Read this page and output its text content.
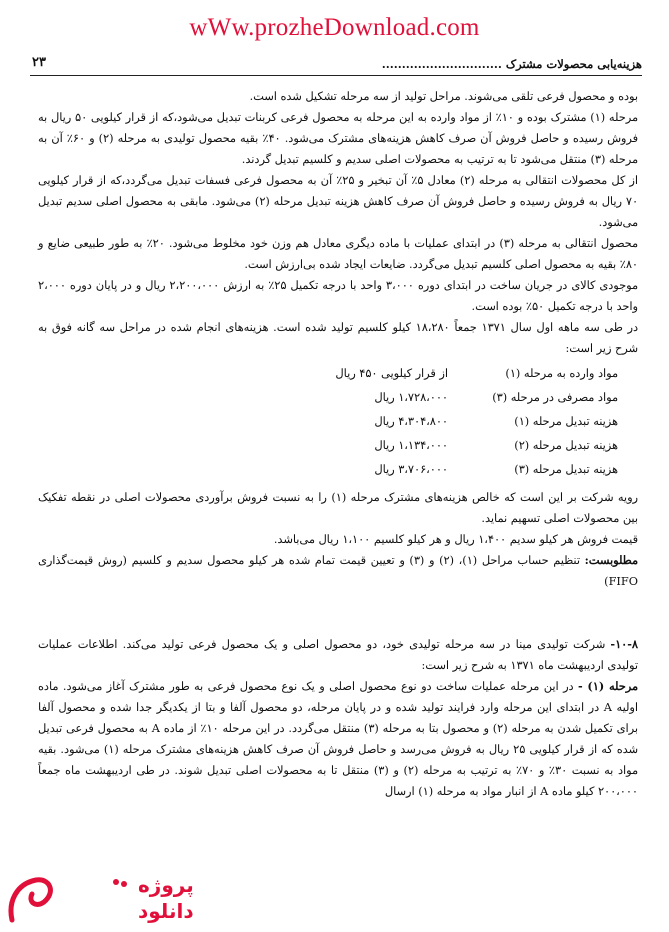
wWw.prozheDownload.com
هزینه‌یابی محصولات مشترک ..............................
۲۳

بوده و محصول فرعی تلقی می‌شوند. مراحل تولید از سه مرحله تشکیل شده است.

مرحله (۱) مشترک بوده و ۱۰٪ از مواد وارده به این مرحله به محصول فرعی کربنات تبدیل می‌شود،که از قرار کیلویی ۵۰ ریال به فروش رسیده و حاصل فروش آن صرف کاهش هزینه‌های مشترک می‌شود. ۴۰٪ بقیه محصول تولیدی به مرحله (۲) و ۶۰٪ آن به مرحله (۳) منتقل می‌شود تا به ترتیب به محصولات اصلی سدیم و کلسیم تبدیل گردند.

از کل محصولات انتقالی به مرحله (۲) معادل ۵٪ آن تبخیر و ۲۵٪ آن به محصول فرعی فسفات تبدیل می‌گردد،که از قرار کیلویی ۷۰ ریال به فروش رسیده و حاصل فروش آن صرف کاهش هزینه تبدیل مرحله (۲) می‌شود. مابقی به محصول اصلی سدیم تبدیل می‌شود.

محصول انتقالی به مرحله (۳) در ابتدای عملیات با ماده دیگری معادل هم وزن خود مخلوط می‌شود. ۲۰٪ به طور طبیعی ضایع و ۸۰٪ بقیه به محصول اصلی کلسیم تبدیل می‌گردد. ضایعات ایجاد شده بی‌ارزش است.

موجودی کالای در جریان ساخت در ابتدای دوره ۳،۰۰۰ واحد با درجه تکمیل ۲۵٪ به ارزش ۲،۲۰۰،۰۰۰ ریال و در پایان دوره ۲،۰۰۰ واحد با درجه تکمیل ۵۰٪ بوده است.

در طی سه ماهه اول سال ۱۳۷۱ جمعاً ۱۸،۲۸۰ کیلو کلسیم تولید شده است. هزینه‌های انجام شده در مراحل سه گانه فوق به شرح زیر است:

مواد وارده به مرحله (۱)
از قرار کیلویی ۴۵۰ ریال
مواد مصرفی در مرحله (۳)
۱،۷۲۸،۰۰۰ ریال
هزینه تبدیل مرحله (۱)
۴،۳۰۴،۸۰۰ ریال
هزینه تبدیل مرحله (۲)
۱،۱۳۴،۰۰۰ ریال
هزینه تبدیل مرحله (۳)
۳،۷۰۶،۰۰۰ ریال

رویه شرکت بر این است که خالص هزینه‌های مشترک مرحله (۱) را به نسبت فروش برآوردی محصولات اصلی در نقطه تفکیک بین محصولات اصلی تسهیم نماید.

قیمت فروش هر کیلو سدیم ۱،۴۰۰ ریال و هر کیلو کلسیم ۱،۱۰۰ ریال می‌باشد.

مطلوبست: تنظیم حساب مراحل (۱)، (۲) و (۳) و تعیین قیمت تمام شده هر کیلو محصول سدیم و کلسیم (روش قیمت‌گذاری FIFO)

۱۰-۸- شرکت تولیدی مینا در سه مرحله تولیدی خود، دو محصول اصلی و یک محصول فرعی تولید می‌کند. اطلاعات عملیات تولیدی اردیبهشت ماه ۱۳۷۱ به شرح زیر است:

مرحله (۱) - در این مرحله عملیات ساخت دو نوع محصول اصلی و یک نوع محصول فرعی به طور مشترک آغاز می‌شود. ماده اولیه A در ابتدای این مرحله وارد فرایند تولید شده و در پایان مرحله، دو محصول آلفا و بتا از یکدیگر جدا شده و محصول آلفا برای تکمیل شدن به مرحله (۲) و محصول بتا به مرحله (۳) منتقل می‌گردد. در این مرحله ۱۰٪ از ماده A به محصول فرعی تبدیل شده که از قرار کیلویی ۲۵ ریال به فروش می‌رسد و حاصل فروش آن صرف کاهش هزینه‌های مشترک مرحله (۱) می‌شود. بقیه مواد به نسبت ۳۰٪ و ۷۰٪ به ترتیب به مرحله (۲) و (۳) منتقل تا به محصولات اصلی تبدیل شوند. در طی اردیبهشت ماه جمعاً ۲۰۰،۰۰۰ کیلو ماده A از انبار مواد به مرحله (۱) ارسال

پروژه
دانلود
